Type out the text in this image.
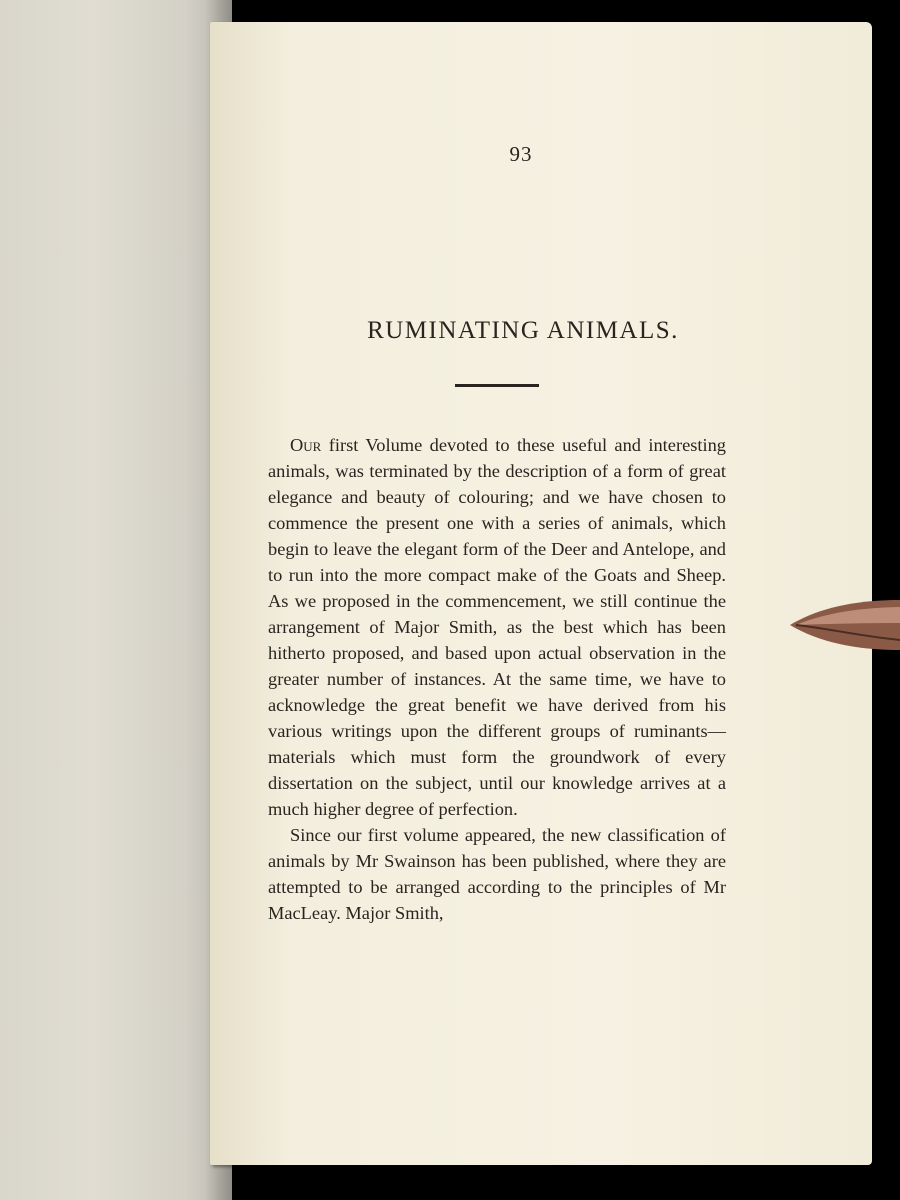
93
RUMINATING ANIMALS.

Our first Volume devoted to these useful and interesting animals, was terminated by the description of a form of great elegance and beauty of colouring; and we have chosen to commence the present one with a series of animals, which begin to leave the elegant form of the Deer and Antelope, and to run into the more compact make of the Goats and Sheep. As we proposed in the commencement, we still continue the arrangement of Major Smith, as the best which has been hitherto proposed, and based upon actual observation in the greater number of instances. At the same time, we have to acknowledge the great benefit we have derived from his various writings upon the different groups of ruminants—materials which must form the groundwork of every dissertation on the subject, until our knowledge arrives at a much higher degree of perfection.

Since our first volume appeared, the new classification of animals by Mr Swainson has been published, where they are attempted to be arranged according to the principles of Mr MacLeay. Major Smith,
